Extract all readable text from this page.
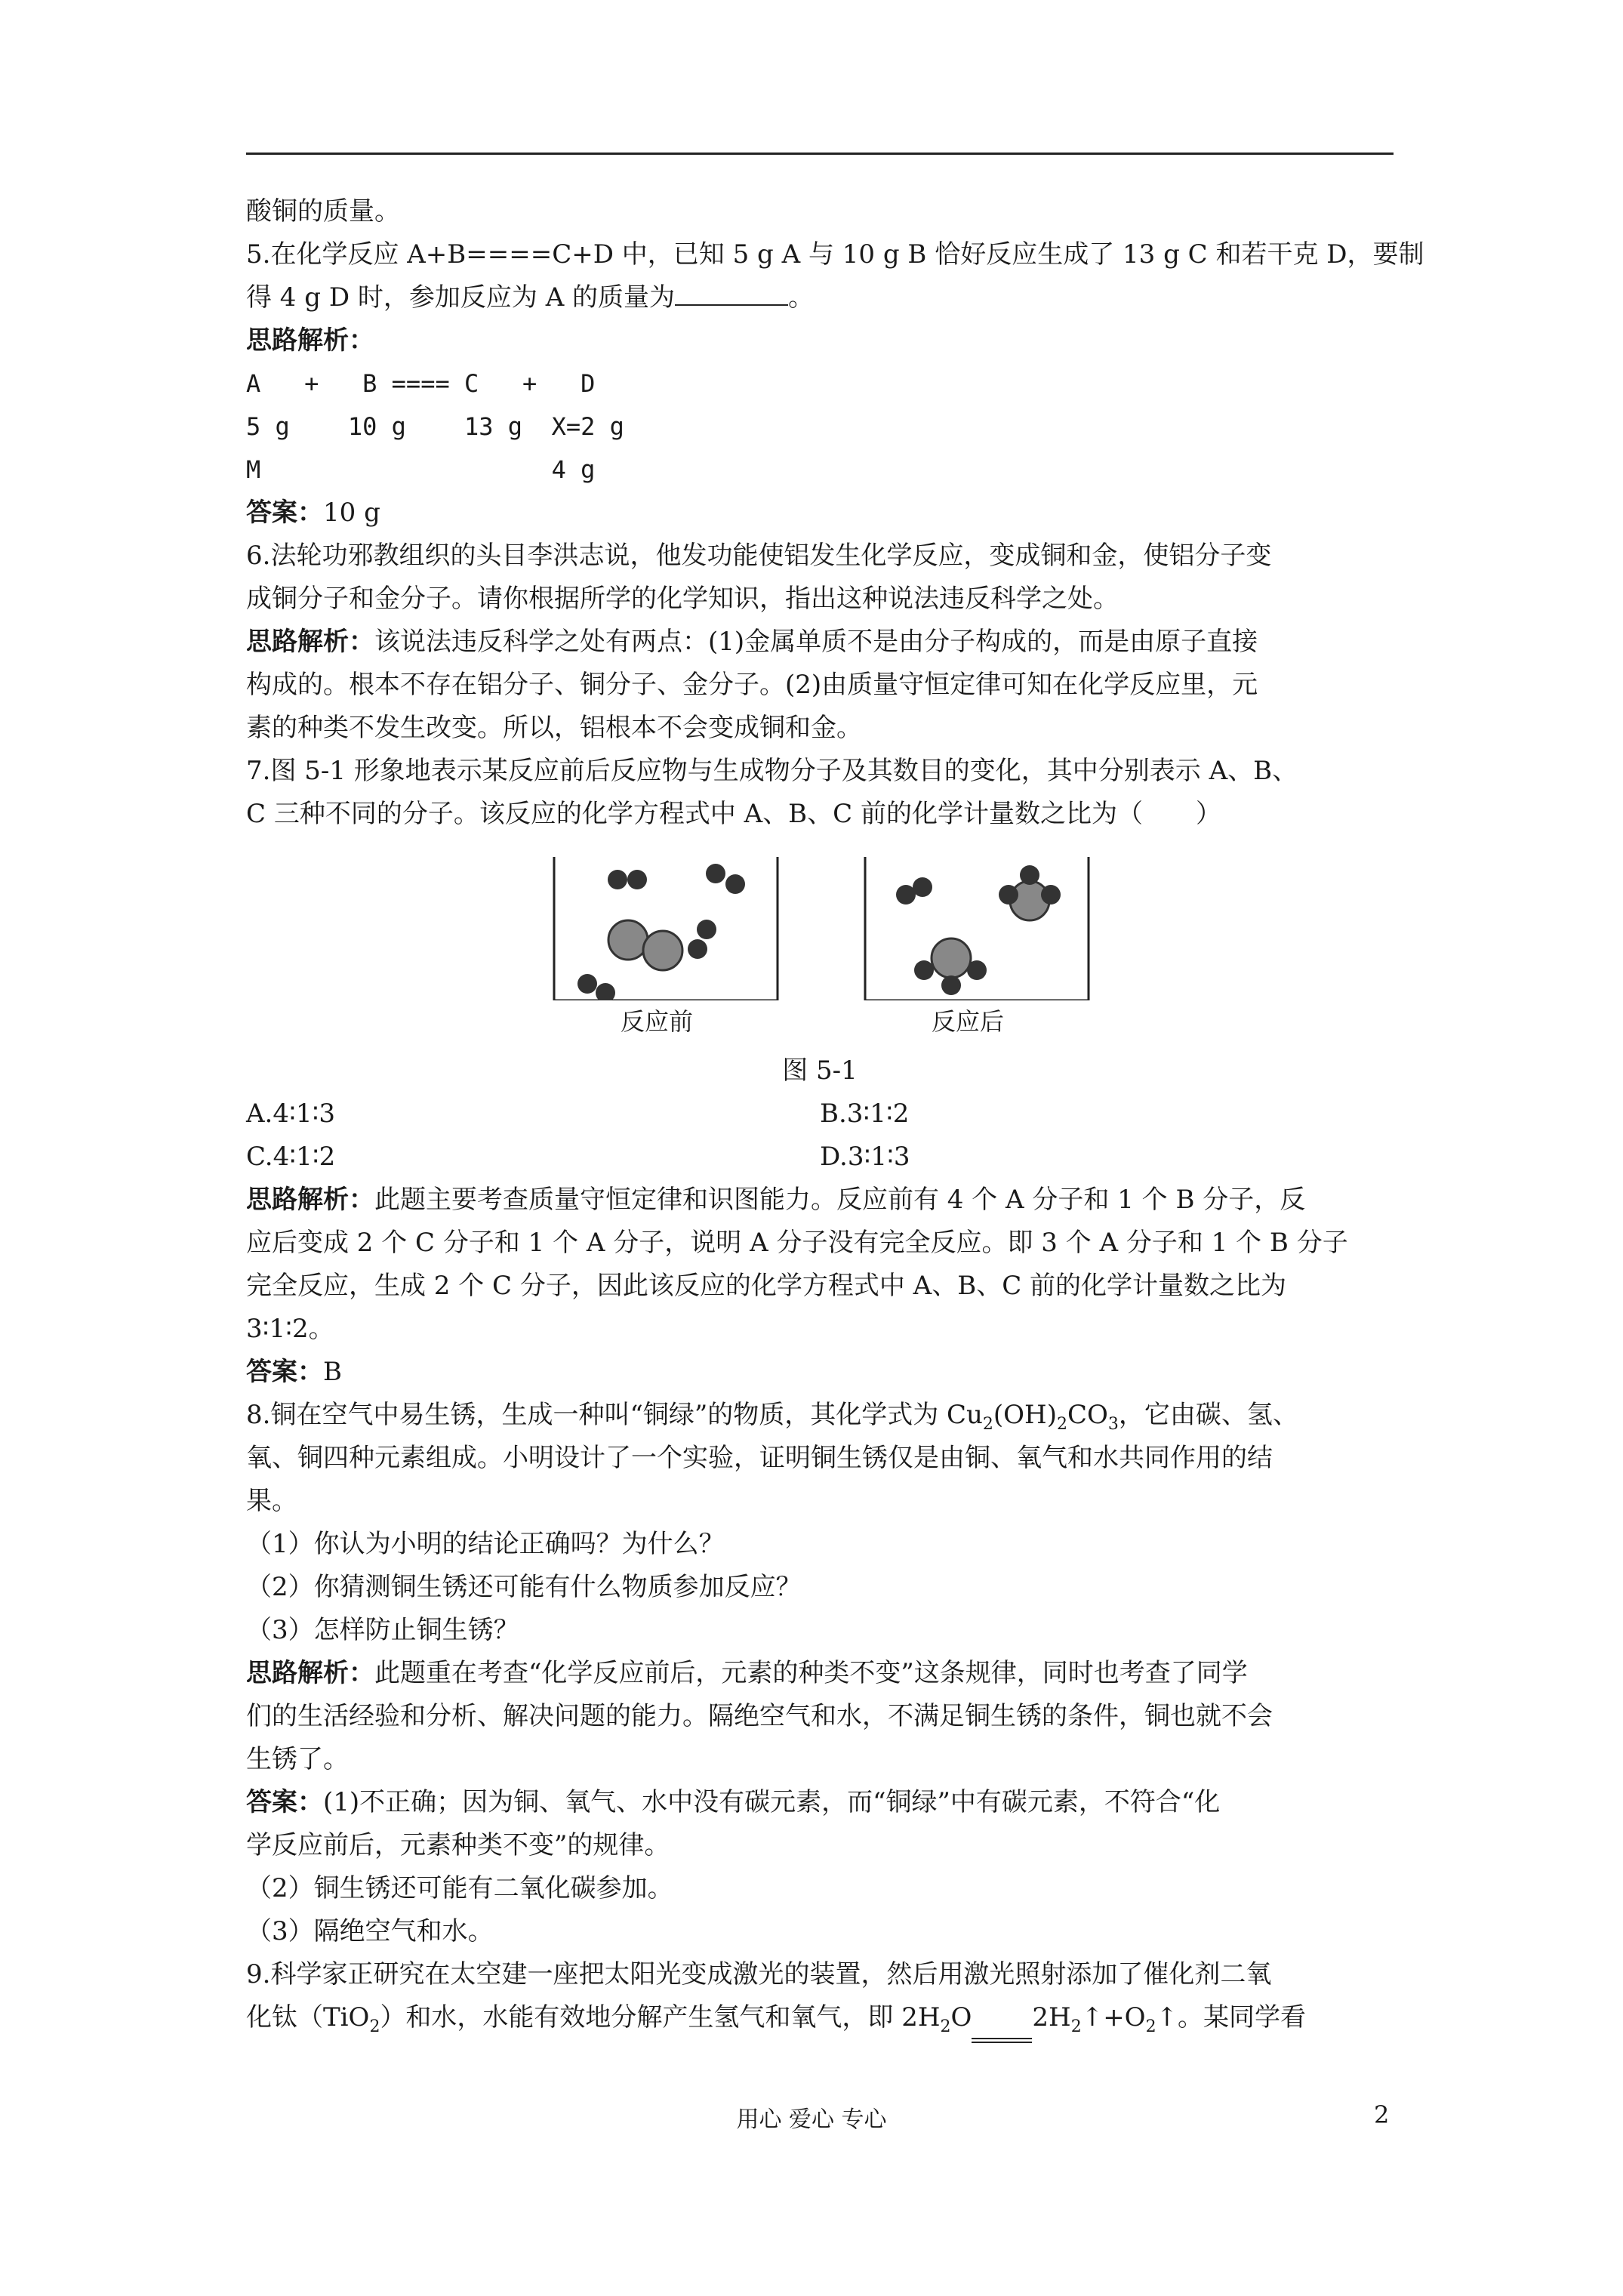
酸铜的质量。
5.在化学反应 A+B====C+D 中，已知 5 g A 与 10 g B 恰好反应生成了 13 g C 和若干克 D，要制
得 4 g D 时，参加反应为 A 的质量为	。
思路解析：
A   +   B ==== C   +   D
5 g    10 g    13 g  X=2 g
M                    4 g
答案：10 g
6.法轮功邪教组织的头目李洪志说，他发功能使铝发生化学反应，变成铜和金，使铝分子变
成铜分子和金分子。请你根据所学的化学知识，指出这种说法违反科学之处。
思路解析：该说法违反科学之处有两点：(1)金属单质不是由分子构成的，而是由原子直接
构成的。根本不存在铝分子、铜分子、金分子。(2)由质量守恒定律可知在化学反应里，元
素的种类不发生改变。所以，铝根本不会变成铜和金。
7.图 5-1 形象地表示某反应前后反应物与生成物分子及其数目的变化，其中分别表示 A、B、
C 三种不同的分子。该反应的化学方程式中 A、B、C 前的化学计量数之比为（ ）
反应前	反应后
图 5-1
A.4∶1∶3	B.3∶1∶2
C.4∶1∶2	D.3∶1∶3
思路解析：此题主要考查质量守恒定律和识图能力。反应前有 4 个 A 分子和 1 个 B 分子，反
应后变成 2 个 C 分子和 1 个 A 分子，说明 A 分子没有完全反应。即 3 个 A 分子和 1 个 B 分子
完全反应，生成 2 个 C 分子，因此该反应的化学方程式中 A、B、C 前的化学计量数之比为
3∶1∶2。
答案：B
8.铜在空气中易生锈，生成一种叫“铜绿”的物质，其化学式为 $Cu_2(OH)_2CO_3$，它由碳、氢、
氧、铜四种元素组成。小明设计了一个实验，证明铜生锈仅是由铜、氧气和水共同作用的结
果。
（1）你认为小明的结论正确吗？为什么？
（2）你猜测铜生锈还可能有什么物质参加反应？
（3）怎样防止铜生锈？
思路解析：此题重在考查“化学反应前后，元素的种类不变”这条规律，同时也考查了同学
们的生活经验和分析、解决问题的能力。隔绝空气和水，不满足铜生锈的条件，铜也就不会
生锈了。
答案：(1)不正确；因为铜、氧气、水中没有碳元素，而“铜绿”中有碳元素，不符合“化
学反应前后，元素种类不变”的规律。
（2）铜生锈还可能有二氧化碳参加。
（3）隔绝空气和水。
9.科学家正研究在太空建一座把太阳光变成激光的装置，然后用激光照射添加了催化剂二氧
化钛（TiO$_2$）和水，水能有效地分解产生氢气和氧气，即 $2H_2O$ $2H_2↑+O_2↑$。某同学看
用心 爱心 专心	2
